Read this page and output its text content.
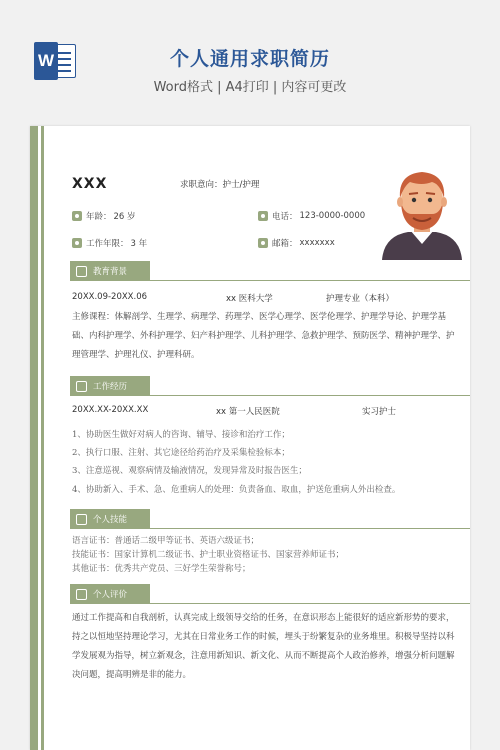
W	个人通用求职简历
Word格式 | A4打印 | 内容可更改
XXX	求职意向：护士/护理
年龄： 26 岁	电话： 123-0000-0000
工作年限： 3 年	邮箱： xxxxxxx
教育背景
20XX.09-20XX.06	xx 医科大学	护理专业（本科）
主修课程：体解剖学、生理学、病理学、药理学、医学心理学、医学伦理学、护理学导论、护理学基础、内科护理学、外科护理学、妇产科护理学、儿科护理学、急救护理学、预防医学、精神护理学、护理管理学、护理礼仪、护理科研。
工作经历
20XX.XX-20XX.XX	xx 第一人民医院	实习护士
1、协助医生做好对病人的咨询、辅导、接诊和治疗工作；
2、执行口服、注射、其它途径给药治疗及采集检验标本；
3、注意巡视、观察病情及输液情况，发现异常及时报告医生；
4、协助新入、手术、急、危重病人的处理：负责备血、取血，护送危重病人外出检查。
个人技能
语言证书：普通话二级甲等证书、英语六级证书；
技能证书：国家计算机二级证书、护士职业资格证书、国家营养师证书；
其他证书：优秀共产党员、三好学生荣誉称号；
个人评价
通过工作提高和自我剖析，认真完成上级领导交给的任务，在意识形态上能很好的适应新形势的要求，持之以恒地坚持理论学习，尤其在日常业务工作的时候，埋头于纷繁复杂的业务堆里。积极导坚持以科学发展观为指导，树立新观念，注意用新知识、新文化、从而不断提高个人政治修养，增强分析问题解决问题，提高明辨是非的能力。
